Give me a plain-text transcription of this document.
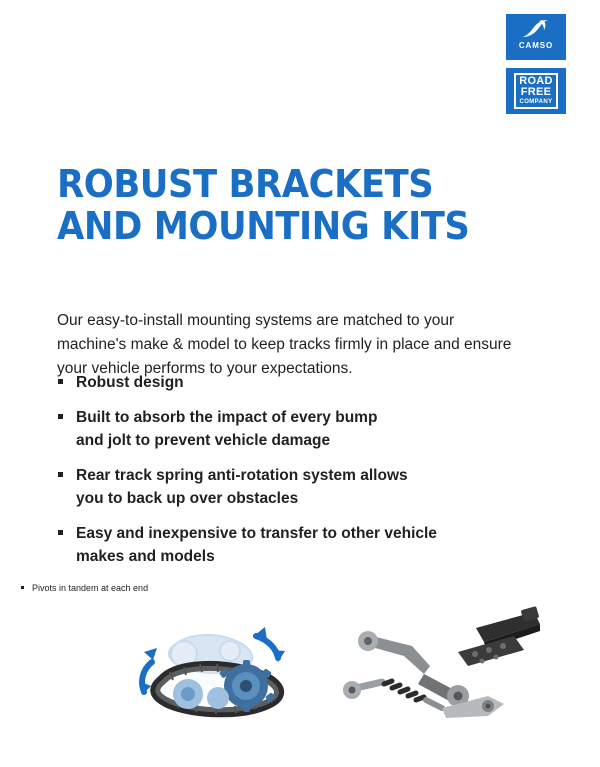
CAMSO
ROAD
FREE
COMPANY
ROBUST BRACKETS
AND MOUNTING KITS

Our easy-to-install mounting systems are matched to your machine's make & model to keep tracks firmly in place and ensure your vehicle performs to your expectations.

Robust design
Built to absorb the impact of every bump
and jolt to prevent vehicle damage
Rear track spring anti-rotation system allows
you to back up over obstacles
Easy and inexpensive to transfer to other vehicle
makes and models
Pivots in tandem at each end
